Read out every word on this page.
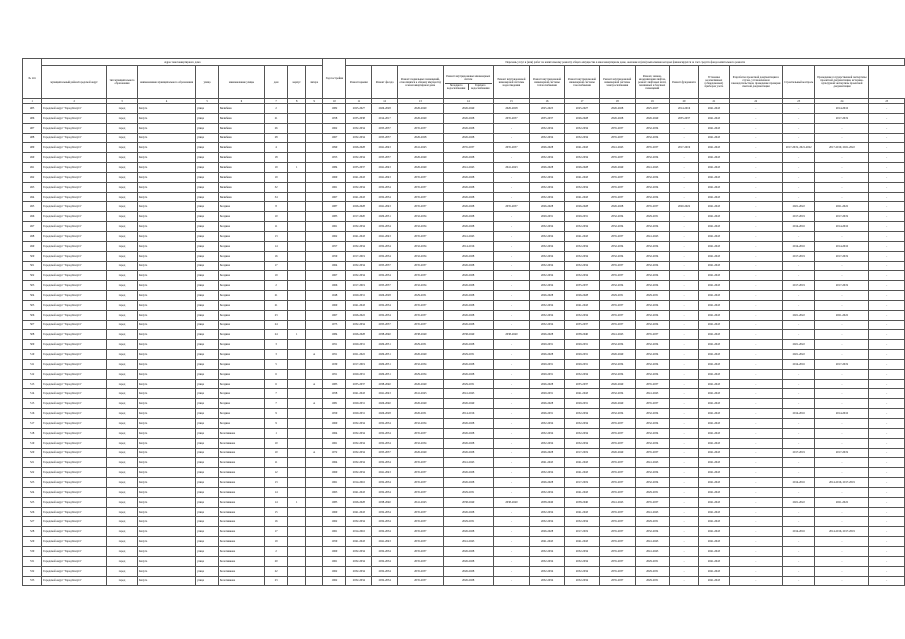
№ п/п	Адрес многоквартирного дома								Год постройки	Перечень услуг и (или) работ по капитальному ремонту общего имущества в многоквартирном доме, оказание и (или) выполнение которых финансируется за счет средств фонда капитального ремонта														
	муниципальный район/городской округ	тип муниципального образования	наименование муниципального образования	улица	наименование улицы	дом	корпус	литера		Ремонт крыши	Ремонт фасада	Ремонт подвальных помещений, относящихся к общему имуществу в многоквартирном доме	Ремонт внутридомовых инженерных систем
Холодного водоснабжения
Горячего водоснабжения	Ремонт внутридомовой инженерной системы водоотведения	Ремонт внутридомовой инженерной системы теплоснабжения	Ремонт внутридомовой инженерной системы газоснабжения	Ремонт внутридомовой инженерной системы электроснабжения	Ремонт, замена, модернизация лифтов, ремонт лифтовых шахт, машинных и блочных помещений	Ремонт фундамента	Установка коллективных (общедомовых) приборов учета	Разработка проектной документации в случае, установленном законодательством, проведение проверки сметной документации	Строительный контроль	Проведение государственной экспертизы проектной документации, историко-культурной экспертизы проектной документации	
1	2	3	4	5	6	7	8	9	10	11	12	13	14	15	16	17	18	19	20	21	22	23	24	25
485	Городской округ "Город Калуга"	город	Калуга	улица	Билибина	2			1982	2025-2027	2026-2028	2026-2040	2026-2040	2026-2028	2025-2025	2025-2027	2026-2028	2025-2027	2014-2016	2041-2043	-	-	2014-2016	-
486	Городской округ "Город Калуга"	город	Калуга	улица	Билибина	21			1958	2035-2038	2014-2017	2026-2040	2026-2028	2035-2037	2035-2037	2026-2028	2026-2028	2026-2040	2035-2037	2041-2043	-	-	2017-2019	-
487	Городской округ "Город Калуга"	город	Калуга	улица	Билибина	26			1962	2032-2034	2035-2037	2035-2037	2026-2028	-	2032-2034	2032-2034	2035-2037	2032-2034	-	2041-2043	-	-	-	-
488	Городской округ "Город Калуга"	город	Калуга	улица	Билибина	28			1967	2032-2034	2035-2037	2026-2028	2026-2028	-	2032-2034	2032-2034	2035-2037	2032-2034	-	2041-2043	-	-	-	-
489	Городской округ "Город Калуга"	город	Калуга	улица	Билибина	4			1990	2026-2028	2041-2043	2041-2043	2035-2037	2035-2037	2026-2028	2041-2043	2041-2043	2035-2037	2017-2019	2041-2043	-	2017-2019, 2021-2022	2017-2019, 2021-2022	-
490	Городской округ "Город Калуга"	город	Калуга	улица	Билибина	18			1953	2032-2034	2035-2037	2026-2040	2026-2028	-	2032-2034	2032-2034	2035-2037	2032-2034	-	2041-2043	-	-	-	-
491	Городской округ "Город Калуга"	город	Калуга	улица	Билибина	19	1		1984	2035-2037	2041-2043	2026-2040	2041-2043	2041-2043	2026-2028	2026-2028	2026-2040	2041-2043	-	2041-2043	-	-	-	-
492	Городской округ "Город Калуга"	город	Калуга	улица	Билибина	19			1960	2041-2043	2041-2043	2035-2037	2026-2028	-	2032-2034	2041-2043	2035-2037	2032-2034	-	2041-2043	-	-	-	-
493	Городской округ "Город Калуга"	город	Калуга	улица	Билибина	32			1961	2032-2034	2032-2034	2035-2037	2026-2028	-	2032-2034	2032-2034	2035-2037	2032-2034	-	2041-2043	-	-	-	-
494	Городской округ "Город Калуга"	город	Калуга	улица	Билибина	34			1967	2041-2043	2032-2034	2035-2037	2026-2028	-	2032-2034	2041-2043	2035-2037	2032-2034	-	2041-2043	-	-	-	-
495	Городской округ "Город Калуга"	город	Калуга	улица	Болдина	8			1987	2026-2028	2041-2043	2035-2037	2026-2028	2035-2037	2026-2028	2026-2028	2026-2028	2035-2037	2020-2022	2041-2043	-	2021-2022	2021-2022	-
496	Городской округ "Город Калуга"	город	Калуга	улица	Болдина	10			1983	2017-2020	2029-2031	2032-2034	2026-2028	-	2029-2031	2029-2031	2032-2034	2029-2031	-	2041-2043	-	2017-2019	2017-2019	-
497	Городской округ "Город Калуга"	город	Калуга	улица	Болдина	11			1961	2032-2034	2032-2034	2032-2034	2026-2028	-	2032-2034	2032-2034	2032-2034	2032-2034	-	2041-2043	-	2014-2016	2014-2016	-
498	Городской округ "Город Калуга"	город	Калуга	улица	Болдина	13			1962	2041-2043	2041-2043	2035-2037	2041-2043	-	2032-2034	2041-2043	2035-2037	2041-2043	-	2041-2043	-	-	-	-
499	Городской округ "Город Калуга"	город	Калуга	улица	Болдина	14			1957	2032-2034	2032-2034	2032-2034	2014-2016	-	2032-2034	2032-2034	2032-2034	2032-2034	-	2041-2043	-	2014-2016	2014-2016	-
500	Городской округ "Город Калуга"	город	Калуга	улица	Болдина	16			1959	2017-2019	2032-2034	2032-2034	2026-2028	-	2032-2034	2032-2034	2032-2034	2032-2034	-	2041-2043	-	2017-2019	2017-2019	-
501	Городской округ "Город Калуга"	город	Калуга	улица	Болдина	17			1964	2032-2034	2035-2037	2035-2037	2026-2028	-	2032-2034	2032-2034	2035-2037	2032-2034	-	2041-2043	-	-	-	-
502	Городской округ "Город Калуга"	город	Калуга	улица	Болдина	19			1967	2032-2034	2032-2034	2035-2037	2026-2028	-	2032-2034	2032-2034	2035-2037	2032-2034	-	2041-2043	-	-	-	-
503	Городской округ "Город Калуга"	город	Калуга	улица	Болдина	2			1966	2017-2019	2035-2037	2032-2034	2026-2028	-	2032-2034	2035-2037	2032-2034	2032-2034	-	2041-2043	-	2017-2019	2017-2019	-
504	Городской округ "Город Калуга"	город	Калуга	улица	Болдина	21			1948	2029-2031	2026-2028	2029-2031	2026-2028	-	2026-2028	2026-2028	2029-2031	2029-2031	-	2041-2043	-	-	-	-
505	Городской округ "Город Калуга"	город	Калуга	улица	Болдина	21			1960	2041-2043	2032-2034	2035-2037	2026-2028	-	2032-2034	2041-2043	2035-2037	2032-2034	-	2041-2043	-	-	-	-
506	Городской округ "Город Калуга"	город	Калуга	улица	Болдина	23			1967	2026-2022	2032-2034	2035-2037	2026-2028	-	2032-2034	2032-2034	2035-2037	2032-2034	-	2041-2043	-	2021-2022	2021-2022	-
507	Городской округ "Город Калуга"	город	Калуга	улица	Болдина	24			1975	2032-2034	2035-2037	2035-2037	2026-2028	-	2032-2034	2035-2037	2035-2037	2032-2034	-	2041-2043	-	-	-	-
508	Городской округ "Город Калуга"	город	Калуга	улица	Болдина	24	1		1984	2026-2028	2038-2040	2038-2040	2038-2040	2038-2040	2026-2028	2038-2040	2041-2043	2035-2037	-	2041-2043	-	-	-	-
509	Городской округ "Город Калуга"	город	Калуга	улица	Болдина	3			1951	2029-2031	2029-2031	2029-2031	2026-2028	-	2029-2031	2029-2031	2032-2034	2032-2034	-	2041-2043	-	2021-2022	-	-
510	Городской округ "Город Калуга"	город	Калуга	улица	Болдина	3		А	1951	2021-2022	2029-2031	2026-2040	2029-2031	-	2026-2028	2029-2031	2026-2040	2032-2034	-	2041-2043	-	2021-2022	-	-
511	Городской округ "Город Калуга"	город	Калуга	улица	Болдина	5			1930	2017-2019	2029-2031	2032-2034	2026-2028	-	2029-2031	2029-2031	2032-2034	2032-2034	-	2041-2043	-	2014-2016	2017-2019	-
512	Городской округ "Город Калуга"	город	Калуга	улица	Болдина	6			1951	2029-2031	2029-2031	2029-2034	2026-2028	-	2029-2031	2032-2034	2032-2034	2032-2034	-	2041-2043	-	-	-	-
513	Городской округ "Город Калуга"	город	Калуга	улица	Болдина	6		А	1983	2035-2037	2038-2040	2026-2040	2029-2031	-	2026-2028	2035-2037	2026-2040	2035-2037	-	2041-2043	-	-	-	-
514	Городской округ "Город Калуга"	город	Калуга	улица	Болдина	7			1958	2041-2043	2041-2043	2041-2043	2041-2043	-	2029-2031	2041-2043	2032-2034	2041-2043	-	2041-2043	-	-	-	-
515	Городской округ "Город Калуга"	город	Калуга	улица	Болдина	7		А	1981	2029-2031	2026-2040	2026-2040	2026-2040	-	2026-2028	2029-2031	2026-2040	2035-2037	-	2041-2043	-	-	-	-
516	Городской округ "Город Калуга"	город	Калуга	улица	Болдина	9			1959	2029-2031	2026-2028	2026-2031	2014-2016	-	2026-2031	2032-2034	2032-2034	2032-2034	-	2041-2043	-	2014-2016	2014-2016	-
517	Городской округ "Город Калуга"	город	Калуга	улица	Болдина	9			1960	2032-2034	2032-2034	2032-2034	2026-2028	-	2032-2034	2032-2034	2035-2037	2032-2034	-	2041-2043	-	-	-	-
518	Городской округ "Город Калуга"	город	Калуга	улица	Болотникова	1			1964	2032-2034	2032-2034	2035-2037	2026-2028	-	2032-2034	2032-2034	2035-2037	2032-2034	-	2041-2043	-	-	-	-
519	Городской округ "Город Калуга"	город	Калуга	улица	Болотникова	10			1961	2032-2034	2032-2034	2032-2034	2026-2028	-	2032-2034	2032-2034	2035-2037	2032-2034	-	2041-2043	-	-	-	-
520	Городской округ "Город Калуга"	город	Калуга	улица	Болотникова	10		А	1972	2032-2034	2035-2037	2026-2040	2026-2028	-	2026-2028	2017-2019	2026-2040	2035-2037	-	2041-2043	-	2017-2019	2017-2019	-
521	Городской округ "Город Калуга"	город	Калуга	улица	Болотникова	11			1964	2032-2034	2032-2034	2035-2037	2041-2043	-	2041-2043	2041-2043	2035-2037	2041-2043	-	2041-2043	-	-	-	-
522	Городской округ "Город Калуга"	город	Калуга	улица	Болотникова	12			1960	2032-2034	2041-2043	2035-2037	2026-2028	-	2032-2034	2041-2043	2035-2037	2032-2034	-	2041-2043	-	-	-	-
523	Городской округ "Город Калуга"	город	Калуга	улица	Болотникова	13			1961	2014-2016	2032-2034	2035-2037	2026-2028	-	2026-2028	2017-2019	2035-2037	2032-2034	-	2041-2043	-	2014-2016	2014-2016, 2017-2019	-
524	Городской округ "Город Калуга"	город	Калуга	улица	Болотникова	14			1963	2041-2043	2032-2034	2035-2037	2029-2031	-	2032-2034	2041-2043	2035-2037	2029-2031	-	2041-2043	-	-	-	-
525	Городской округ "Город Калуга"	город	Калуга	улица	Болотникова	14	1		1985	2026-2028	2038-2040	2041-2043	2038-2040	2038-2040	2038-2040	2038-2040	2041-2043	2035-2037	-	2041-2043	-	2021-2022	2021-2022	-
526	Городской округ "Город Калуга"	город	Калуга	улица	Болотникова	15			1960	2041-2043	2032-2034	2035-2037	2026-2028	-	2032-2034	2041-2043	2035-2037	2041-2043	-	2041-2043	-	-	-	-
527	Городской округ "Город Калуга"	город	Калуга	улица	Болотникова	16			1962	2032-2034	2032-2034	2035-2037	2029-2031	-	2032-2034	2032-2034	2035-2037	2029-2031	-	2041-2043	-	-	-	-
528	Городской округ "Город Калуга"	город	Калуга	улица	Болотникова	17			1961	2014-2016	2032-2034	2035-2037	2026-2028	-	2026-2028	2017-2019	2035-2037	2032-2034	-	2041-2043	-	2014-2016	2014-2016, 2017-2019	-
529	Городской округ "Город Калуга"	город	Калуга	улица	Болотникова	19			1959	2041-2043	2041-2043	2035-2037	2041-2043	-	2041-2043	2041-2043	2035-2037	2041-2043	-	2041-2043	-	-	-	-
530	Городской округ "Город Калуга"	город	Калуга	улица	Болотникова	2			1960	2032-2034	2032-2034	2035-2037	2026-2028	-	2032-2034	2032-2034	2035-2037	2041-2043	-	2041-2043	-	-	-	-
531	Городской округ "Город Калуга"	город	Калуга	улица	Болотникова	20			1961	2032-2034	2032-2034	2035-2037	2026-2028	-	2032-2034	2032-2034	2035-2037	2029-2031	-	2041-2043	-	-	-	-
532	Городской округ "Город Калуга"	город	Калуга	улица	Болотникова	22			1962	2032-2034	2032-2034	2035-2037	2026-2028	-	2032-2034	2032-2034	2035-2037	2029-2031	-	2041-2043	-	-	-	-
533	Городской округ "Город Калуга"	город	Калуга	улица	Болотникова	23			1962	2032-2034	2032-2034	2035-2037	2026-2028	-	2032-2034	2032-2034	2035-2037	2029-2031	-	2041-2043	-	-	-	-
